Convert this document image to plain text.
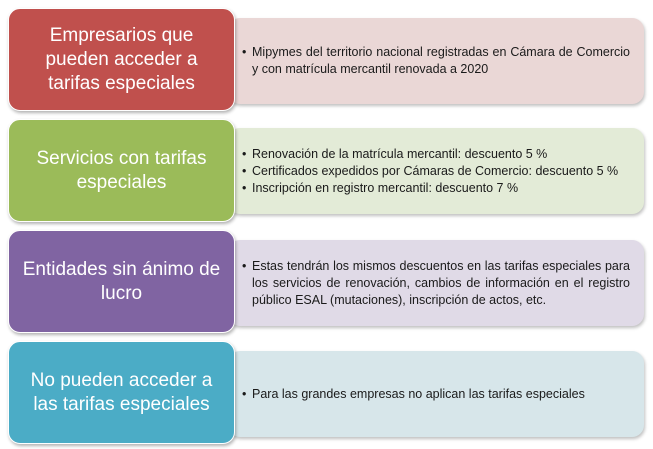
• Mipymes del territorio nacional registradas en Cámara de Comercio y con matrícula mercantil renovada a 2020
Empresarios que pueden acceder a tarifas especiales
• Renovación de la matrícula mercantil: descuento 5 %
• Certificados expedidos por Cámaras de Comercio: descuento 5 %
• Inscripción en registro mercantil: descuento 7 %
Servicios con tarifas especiales
• Estas tendrán los mismos descuentos en las tarifas especiales para los servicios de renovación, cambios de información en el registro público ESAL (mutaciones), inscripción de actos, etc.
Entidades sin ánimo de lucro
• Para las grandes empresas no aplican las tarifas especiales
No pueden acceder a las tarifas especiales
